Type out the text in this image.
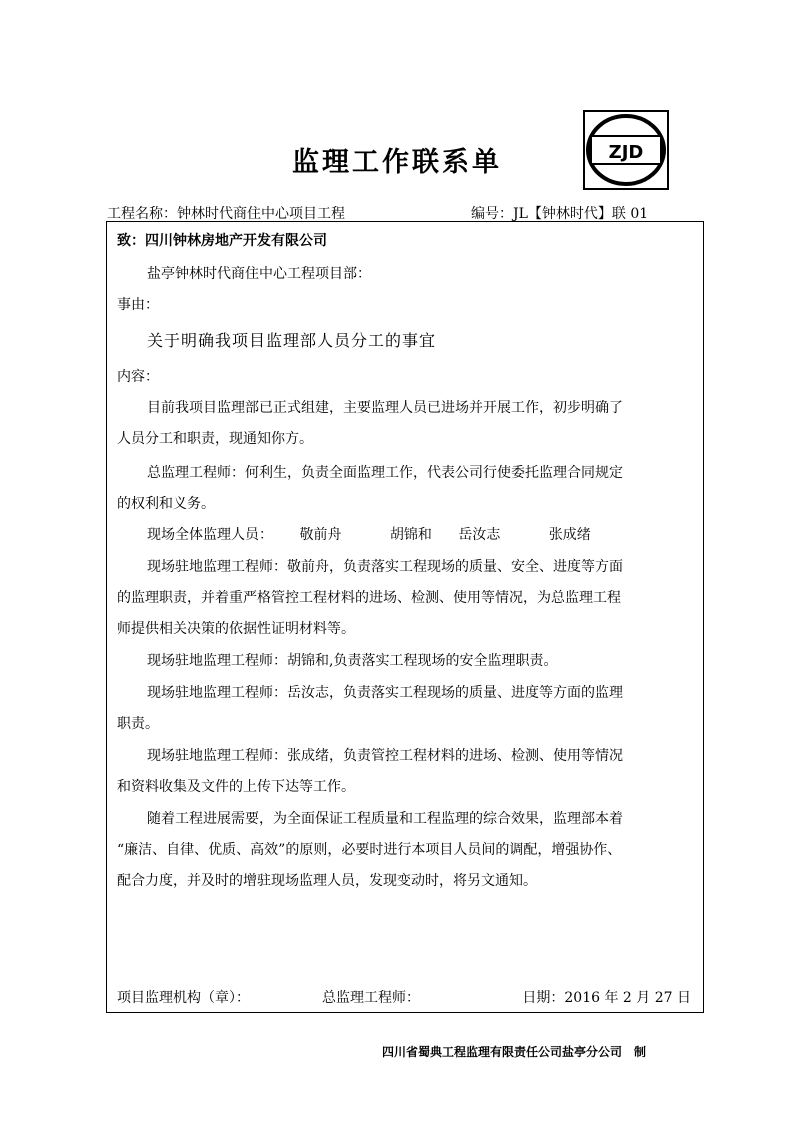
监理工作联系单	ZJD
工程名称：钟林时代商住中心项目工程	编号：JL【钟林时代】联 01
致：四川钟林房地产开发有限公司
盐亭钟林时代商住中心工程项目部：
事由：
关于明确我项目监理部人员分工的事宜
内容：
目前我项目监理部已正式组建，主要监理人员已进场并开展工作，初步明确了
人员分工和职责，现通知你方。
总监理工程师：何利生，负责全面监理工作，代表公司行使委托监理合同规定
的权利和义务。
现场全体监理人员： 敬前舟	胡锦和 岳汝志	张成绪
现场驻地监理工程师：敬前舟，负责落实工程现场的质量、安全、进度等方面
的监理职责，并着重严格管控工程材料的进场、检测、使用等情况，为总监理工程
师提供相关决策的依据性证明材料等。
现场驻地监理工程师：胡锦和,负责落实工程现场的安全监理职责。
现场驻地监理工程师：岳汝志，负责落实工程现场的质量、进度等方面的监理
职责。
现场驻地监理工程师：张成绪，负责管控工程材料的进场、检测、使用等情况
和资料收集及文件的上传下达等工作。
随着工程进展需要，为全面保证工程质量和工程监理的综合效果，监理部本着
“廉洁、自律、优质、高效”的原则，必要时进行本项目人员间的调配，增强协作、
配合力度，并及时的增驻现场监理人员，发现变动时，将另文通知。
项目监理机构（章）：	总监理工程师：	日期：2016 年 2 月 27 日
四川省蜀典工程监理有限责任公司盐亭分公司　制
